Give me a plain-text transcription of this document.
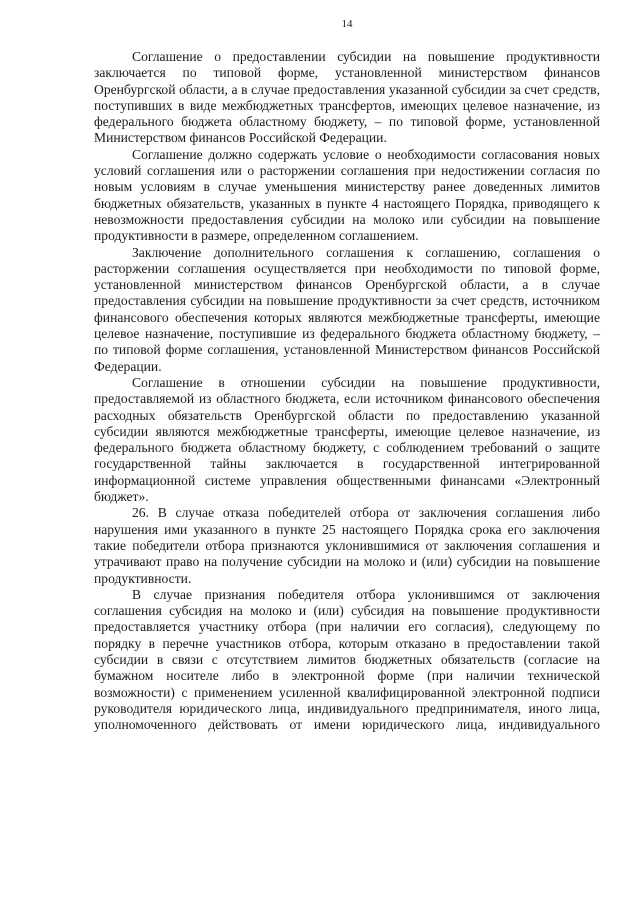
14

Соглашение о предоставлении субсидии на повышение продуктивности заключается по типовой форме, установленной министерством финансов Оренбургской области, а в случае предоставления указанной субсидии за счет средств, поступивших в виде межбюджетных трансфертов, имеющих целевое назначение, из федерального бюджета областному бюджету, – по типовой форме, установленной Министерством финансов Российской Федерации.

Соглашение должно содержать условие о необходимости согласования новых условий соглашения или о расторжении соглашения при недостижении согласия по новым условиям в случае уменьшения министерству ранее доведенных лимитов бюджетных обязательств, указанных в пункте 4 настоящего Порядка, приводящего к невозможности предоставления субсидии на молоко или субсидии на повышение продуктивности в размере, определенном соглашением.

Заключение дополнительного соглашения к соглашению, соглашения о расторжении соглашения осуществляется при необходимости по типовой форме, установленной министерством финансов Оренбургской области, а в случае предоставления субсидии на повышение продуктивности за счет средств, источником финансового обеспечения которых являются межбюджетные трансферты, имеющие целевое назначение, поступившие из федерального бюджета областному бюджету, – по типовой форме соглашения, установленной Министерством финансов Российской Федерации.

Соглашение в отношении субсидии на повышение продуктивности, предоставляемой из областного бюджета, если источником финансового обеспечения расходных обязательств Оренбургской области по предоставлению указанной субсидии являются межбюджетные трансферты, имеющие целевое назначение, из федерального бюджета областному бюджету, с соблюдением требований о защите государственной тайны заключается в государственной интегрированной информационной системе управления общественными финансами «Электронный бюджет».

26. В случае отказа победителей отбора от заключения соглашения либо нарушения ими указанного в пункте 25 настоящего Порядка срока его заключения такие победители отбора признаются уклонившимися от заключения соглашения и утрачивают право на получение субсидии на молоко и (или) субсидии на повышение продуктивности.

В случае признания победителя отбора уклонившимся от заключения соглашения субсидия на молоко и (или) субсидия на повышение продуктивности предоставляется участнику отбора (при наличии его согласия), следующему по порядку в перечне участников отбора, которым отказано в предоставлении такой субсидии в связи с отсутствием лимитов бюджетных обязательств (согласие на бумажном носителе либо в электронной форме (при наличии технической возможности) с применением усиленной квалифицированной электронной подписи руководителя юридического лица, индивидуального предпринимателя, иного лица, уполномоченного действовать от имени юридического лица, индивидуального
